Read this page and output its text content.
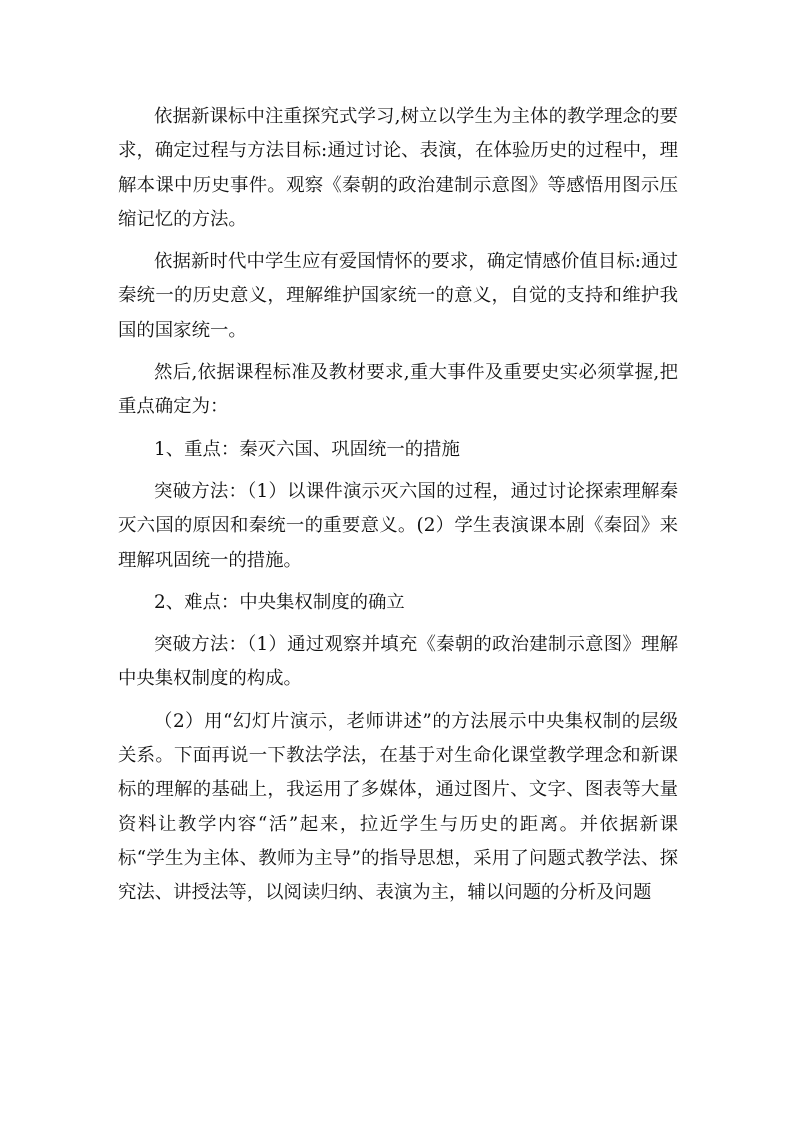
依据新课标中注重探究式学习,树立以学生为主体的教学理念的要求，确定过程与方法目标:通过讨论、表演，在体验历史的过程中，理解本课中历史事件。观察《秦朝的政治建制示意图》等感悟用图示压缩记忆的方法。

依据新时代中学生应有爱国情怀的要求，确定情感价值目标:通过秦统一的历史意义，理解维护国家统一的意义，自觉的支持和维护我国的国家统一。

然后,依据课程标准及教材要求,重大事件及重要史实必须掌握,把重点确定为：

1、重点：秦灭六国、巩固统一的措施

突破方法：（1）以课件演示灭六国的过程，通过讨论探索理解秦灭六国的原因和秦统一的重要意义。(2）学生表演课本剧《秦囧》来理解巩固统一的措施。

2、难点：中央集权制度的确立

突破方法：（1）通过观察并填充《秦朝的政治建制示意图》理解中央集权制度的构成。

（2）用“幻灯片演示，老师讲述”的方法展示中央集权制的层级关系。下面再说一下教法学法，在基于对生命化课堂教学理念和新课标的理解的基础上，我运用了多媒体，通过图片、文字、图表等大量资料让教学内容“活”起来，拉近学生与历史的距离。并依据新课标“学生为主体、教师为主导”的指导思想，采用了问题式教学法、探究法、讲授法等，以阅读归纳、表演为主，辅以问题的分析及问题
